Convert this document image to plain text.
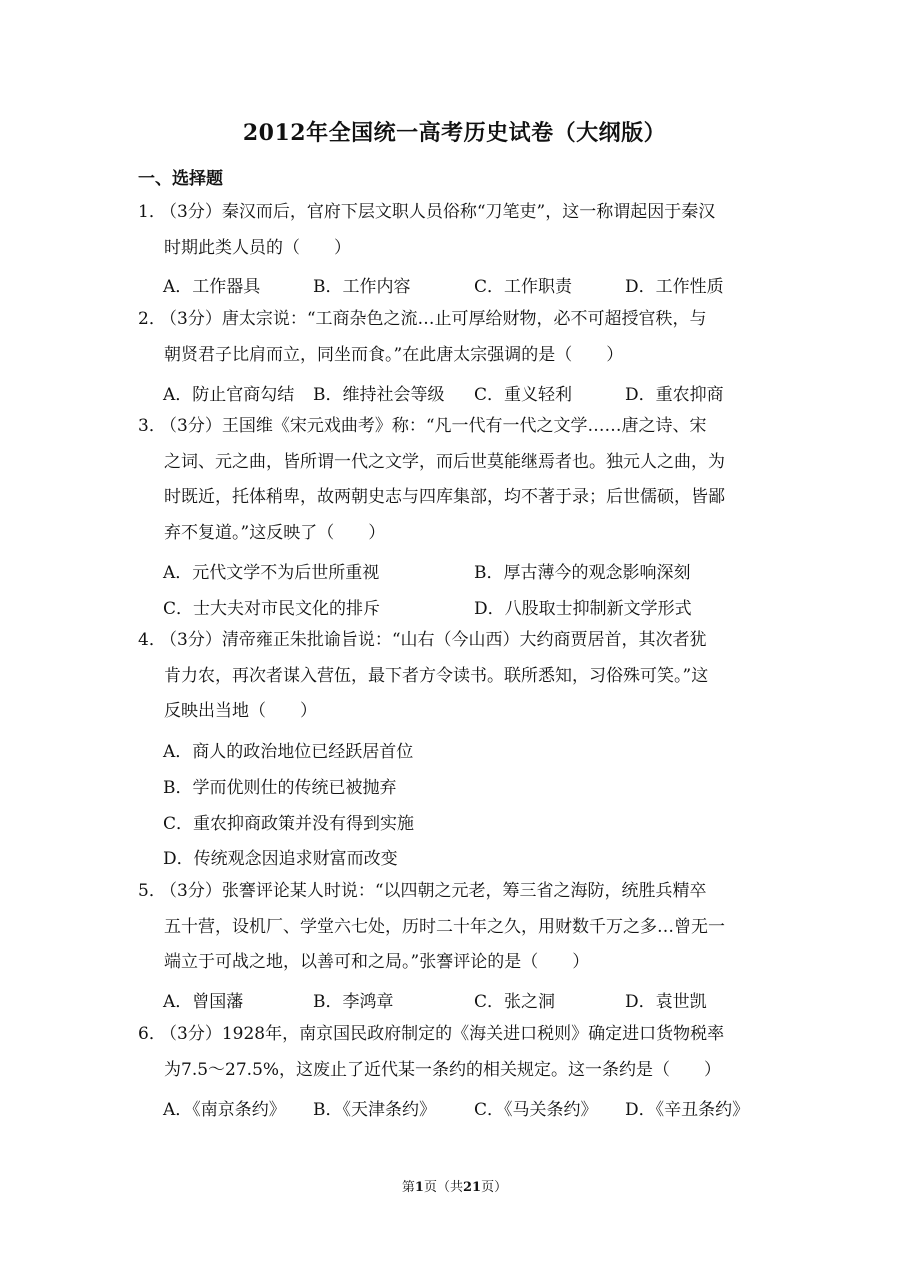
2012年全国统一高考历史试卷（大纲版）
一、选择题
1．（3分）秦汉而后，官府下层文职人员俗称“刀笔吏”，这一称谓起因于秦汉
时期此类人员的（　　）
A．工作器具	B．工作内容	C．工作职责	D．工作性质
2．（3分）唐太宗说：“工商杂色之流…止可厚给财物，必不可超授官秩，与
朝贤君子比肩而立，同坐而食。”在此唐太宗强调的是（　　）
A．防止官商勾结 B．维持社会等级 C．重义轻利	D．重农抑商
3．（3分）王国维《宋元戏曲考》称：“凡一代有一代之文学……唐之诗、宋
之词、元之曲，皆所谓一代之文学，而后世莫能继焉者也。独元人之曲，为
时既近，托体稍卑，故两朝史志与四库集部，均不著于录；后世儒硕，皆鄙
弃不复道。”这反映了（　　）
A．元代文学不为后世所重视	B．厚古薄今的观念影响深刻
C．士大夫对市民文化的排斥	D．八股取士抑制新文学形式
4．（3分）清帝雍正朱批谕旨说：“山右（今山西）大约商贾居首，其次者犹
肯力农，再次者谋入营伍，最下者方令读书。联所悉知，习俗殊可笑。”这
反映出当地（　　）
A．商人的政治地位已经跃居首位
B．学而优则仕的传统已被抛弃
C．重农抑商政策并没有得到实施
D．传统观念因追求财富而改变
5．（3分）张謇评论某人时说：“以四朝之元老，筹三省之海防，统胜兵精卒
五十营，设机厂、学堂六七处，历时二十年之久，用财数千万之多…曾无一
端立于可战之地，以善可和之局。”张謇评论的是（　　）
A．曾国藩	B．李鸿章	C．张之洞	D．袁世凯
6．（3分）1928年，南京国民政府制定的《海关进口税则》确定进口货物税率
为7.5～27.5%，这废止了近代某一条约的相关规定。这一条约是（　　）
A．《南京条约》 B．《天津条约》 C．《马关条约》 D．《辛丑条约》
第1页（共21页）
